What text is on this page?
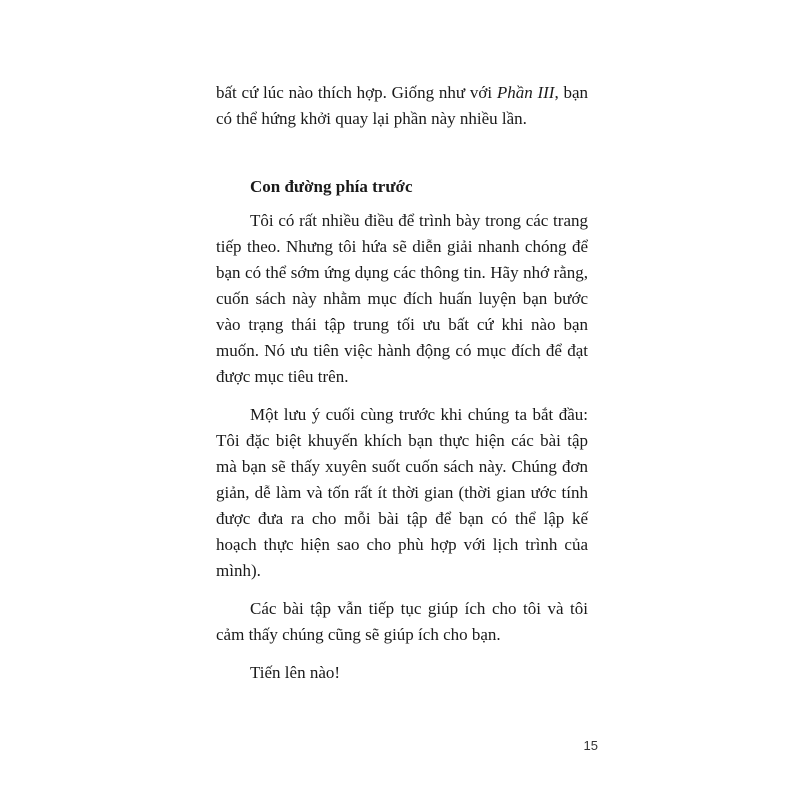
bất cứ lúc nào thích hợp. Giống như với Phần III, bạn có thể hứng khởi quay lại phần này nhiều lần.

Con đường phía trước

Tôi có rất nhiều điều để trình bày trong các trang tiếp theo. Nhưng tôi hứa sẽ diễn giải nhanh chóng để bạn có thể sớm ứng dụng các thông tin. Hãy nhớ rằng, cuốn sách này nhằm mục đích huấn luyện bạn bước vào trạng thái tập trung tối ưu bất cứ khi nào bạn muốn. Nó ưu tiên việc hành động có mục đích để đạt được mục tiêu trên.

Một lưu ý cuối cùng trước khi chúng ta bắt đầu: Tôi đặc biệt khuyến khích bạn thực hiện các bài tập mà bạn sẽ thấy xuyên suốt cuốn sách này. Chúng đơn giản, dễ làm và tốn rất ít thời gian (thời gian ước tính được đưa ra cho mỗi bài tập để bạn có thể lập kế hoạch thực hiện sao cho phù hợp với lịch trình của mình).

Các bài tập vẫn tiếp tục giúp ích cho tôi và tôi cảm thấy chúng cũng sẽ giúp ích cho bạn.

Tiến lên nào!

15
